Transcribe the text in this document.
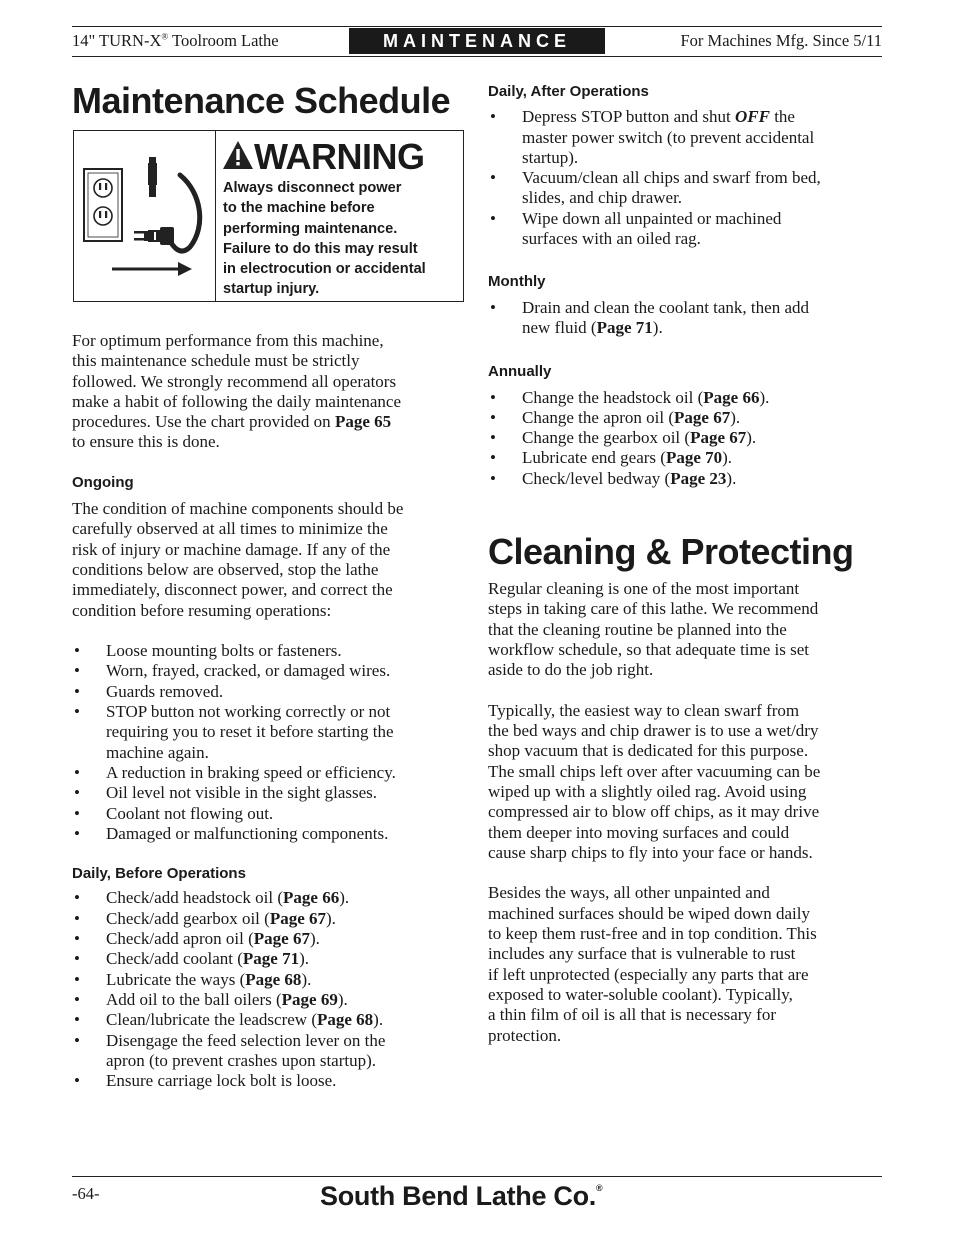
14" TURN-X® Toolroom Lathe	MAINTENANCE	For Machines Mfg. Since 5/11
Maintenance Schedule
WARNING
Always disconnect power
to the machine before
performing maintenance.
Failure to do this may result
in electrocution or accidental
startup injury.

For optimum performance from this machine,
this maintenance schedule must be strictly
followed. We strongly recommend all operators
make a habit of following the daily maintenance
procedures. Use the chart provided on Page 65
to ensure this is done.

Ongoing

The condition of machine components should be
carefully observed at all times to minimize the
risk of injury or machine damage. If any of the
conditions below are observed, stop the lathe
immediately, disconnect power, and correct the
condition before resuming operations:

• Loose mounting bolts or fasteners.
• Worn, frayed, cracked, or damaged wires.
• Guards removed.
• STOP button not working correctly or not
requiring you to reset it before starting the
machine again.
• A reduction in braking speed or efficiency.
• Oil level not visible in the sight glasses.
• Coolant not flowing out.
• Damaged or malfunctioning components.
Daily, Before Operations
• Check/add headstock oil (Page 66).
• Check/add gearbox oil (Page 67).
• Check/add apron oil (Page 67).
• Check/add coolant (Page 71).
• Lubricate the ways (Page 68).
• Add oil to the ball oilers (Page 69).
• Clean/lubricate the leadscrew (Page 68).
• Disengage the feed selection lever on the
apron (to prevent crashes upon startup).
• Ensure carriage lock bolt is loose.
Daily, After Operations
• Depress STOP button and shut OFF the
master power switch (to prevent accidental
startup).
• Vacuum/clean all chips and swarf from bed,
slides, and chip drawer.
• Wipe down all unpainted or machined
surfaces with an oiled rag.
Monthly
• Drain and clean the coolant tank, then add
new fluid (Page 71).
Annually
• Change the headstock oil (Page 66).
• Change the apron oil (Page 67).
• Change the gearbox oil (Page 67).
• Lubricate end gears (Page 70).
• Check/level bedway (Page 23).
Cleaning & Protecting

Regular cleaning is one of the most important
steps in taking care of this lathe. We recommend
that the cleaning routine be planned into the
workflow schedule, so that adequate time is set
aside to do the job right.

Typically, the easiest way to clean swarf from
the bed ways and chip drawer is to use a wet/dry
shop vacuum that is dedicated for this purpose.
The small chips left over after vacuuming can be
wiped up with a slightly oiled rag. Avoid using
compressed air to blow off chips, as it may drive
them deeper into moving surfaces and could
cause sharp chips to fly into your face or hands.

Besides the ways, all other unpainted and
machined surfaces should be wiped down daily
to keep them rust-free and in top condition. This
includes any surface that is vulnerable to rust
if left unprotected (especially any parts that are
exposed to water-soluble coolant). Typically,
a thin film of oil is all that is necessary for
protection.

-64-	South Bend Lathe Co.®
